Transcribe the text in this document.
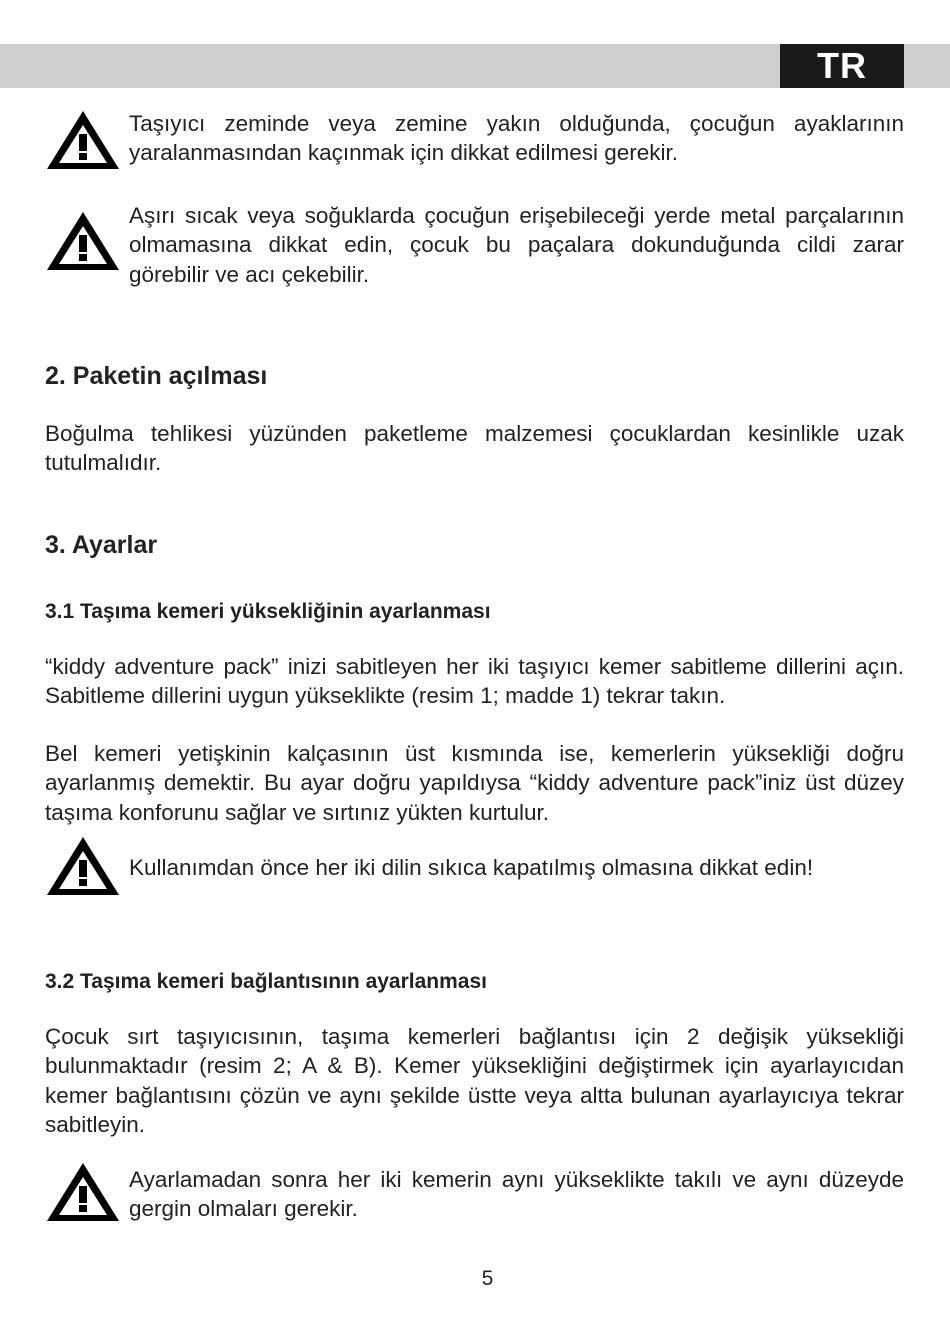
TR

Taşıyıcı zeminde veya zemine yakın olduğunda, çocuğun ayaklarının yaralanmasından kaçınmak için dikkat edilmesi gerekir.

Aşırı sıcak veya soğuklarda çocuğun erişebileceği yerde metal parçalarının olmamasına dikkat edin, çocuk bu paçalara dokunduğunda cildi zarar görebilir ve acı çekebilir.

2. Paketin açılması

Boğulma tehlikesi yüzünden paketleme malzemesi çocuklardan kesinlikle uzak tutulmalıdır.

3. Ayarlar
3.1 Taşıma kemeri yüksekliğinin ayarlanması

“kiddy adventure pack” inizi sabitleyen her iki taşıyıcı kemer sabitleme dillerini açın. Sabitleme dillerini uygun yükseklikte (resim 1; madde 1) tekrar takın.

Bel kemeri yetişkinin kalçasının üst kısmında ise, kemerlerin yüksekliği doğru ayarlanmış demektir. Bu ayar doğru yapıldıysa “kiddy adventure pack”iniz üst düzey taşıma konforunu sağlar ve sırtınız yükten kurtulur.

Kullanımdan önce her iki dilin sıkıca kapatılmış olmasına dikkat edin!

3.2 Taşıma kemeri bağlantısının ayarlanması

Çocuk sırt taşıyıcısının, taşıma kemerleri bağlantısı için 2 değişik yüksekliği bulunmaktadır (resim 2; A & B). Kemer yüksekliğini değiştirmek için ayarlayıcıdan kemer bağlantısını çözün ve aynı şekilde üstte veya altta bulunan ayarlayıcıya tekrar sabitleyin.

Ayarlamadan sonra her iki kemerin aynı yükseklikte takılı ve aynı düzeyde gergin olmaları gerekir.

5
